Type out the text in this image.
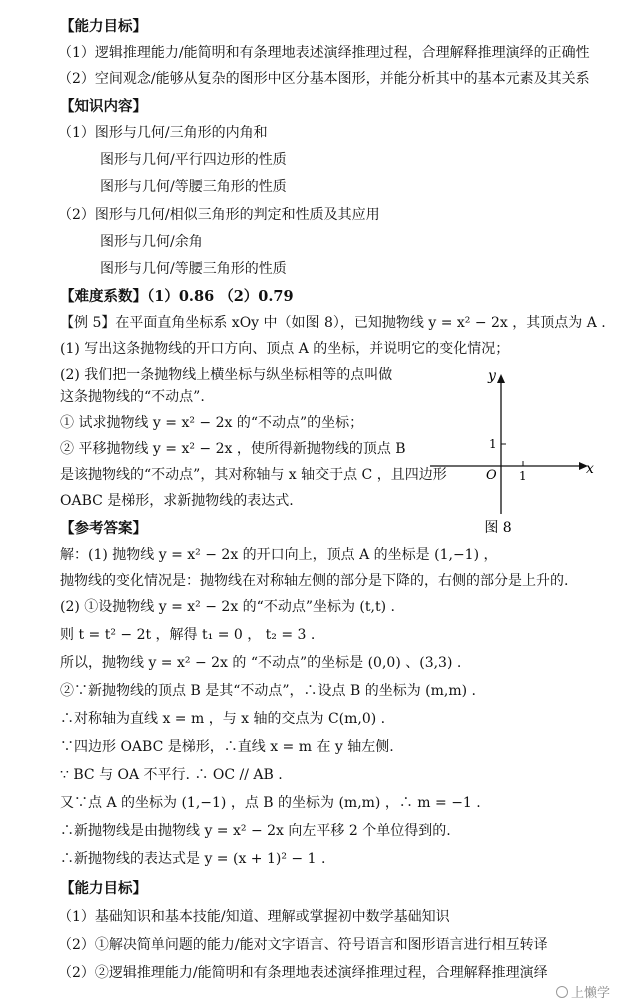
【能力目标】
（1）逻辑推理能力/能简明和有条理地表述演绎推理过程，合理解释推理演绎的正确性
（2）空间观念/能够从复杂的图形中区分基本图形，并能分析其中的基本元素及其关系
【知识内容】
（1）图形与几何/三角形的内角和
图形与几何/平行四边形的性质
图形与几何/等腰三角形的性质
（2）图形与几何/相似三角形的判定和性质及其应用
图形与几何/余角
图形与几何/等腰三角形的性质
【难度系数】（1）0.86 （2）0.79
【例 5】在平面直角坐标系 xOy 中（如图 8），已知抛物线 y = x² − 2x ，其顶点为 A .
(1) 写出这条抛物线的开口方向、顶点 A 的坐标，并说明它的变化情况；
(2) 我们把一条抛物线上横坐标与纵坐标相等的点叫做
这条抛物线的“不动点”.
① 试求抛物线 y = x² − 2x 的“不动点”的坐标；
② 平移抛物线 y = x² − 2x ，使所得新抛物线的顶点 B
是该抛物线的“不动点”，其对称轴与 x 轴交于点 C ，且四边形
OABC 是梯形，求新抛物线的表达式.
【参考答案】
解：(1) 抛物线 y = x² − 2x 的开口向上，顶点 A 的坐标是 (1,−1) ，
抛物线的变化情况是：抛物线在对称轴左侧的部分是下降的，右侧的部分是上升的.
(2) ①设抛物线 y = x² − 2x 的“不动点”坐标为 (t,t) .
则 t = t² − 2t ，解得 t₁ = 0 ， t₂ = 3 .
所以，抛物线 y = x² − 2x 的 “不动点”的坐标是 (0,0) 、(3,3) .
②∵新抛物线的顶点 B 是其“不动点”，∴设点 B 的坐标为 (m,m) .
∴对称轴为直线 x = m ，与 x 轴的交点为 C(m,0) .
∵四边形 OABC 是梯形，∴直线 x = m 在 y 轴左侧.
∵ BC 与 OA 不平行. ∴ OC // AB .
又∵点 A 的坐标为 (1,−1) ，点 B 的坐标为 (m,m) ，∴ m = −1 .
∴新抛物线是由抛物线 y = x² − 2x 向左平移 2 个单位得到的.
∴新抛物线的表达式是 y = (x + 1)² − 1 .
【能力目标】
（1）基础知识和基本技能/知道、理解或掌握初中数学基础知识
（2）①解决简单问题的能力/能对文字语言、符号语言和图形语言进行相互转译
（2）②逻辑推理能力/能简明和有条理地表述演绎推理过程，合理解释推理演绎
y
x
O 1
1
图 8
上懒学
